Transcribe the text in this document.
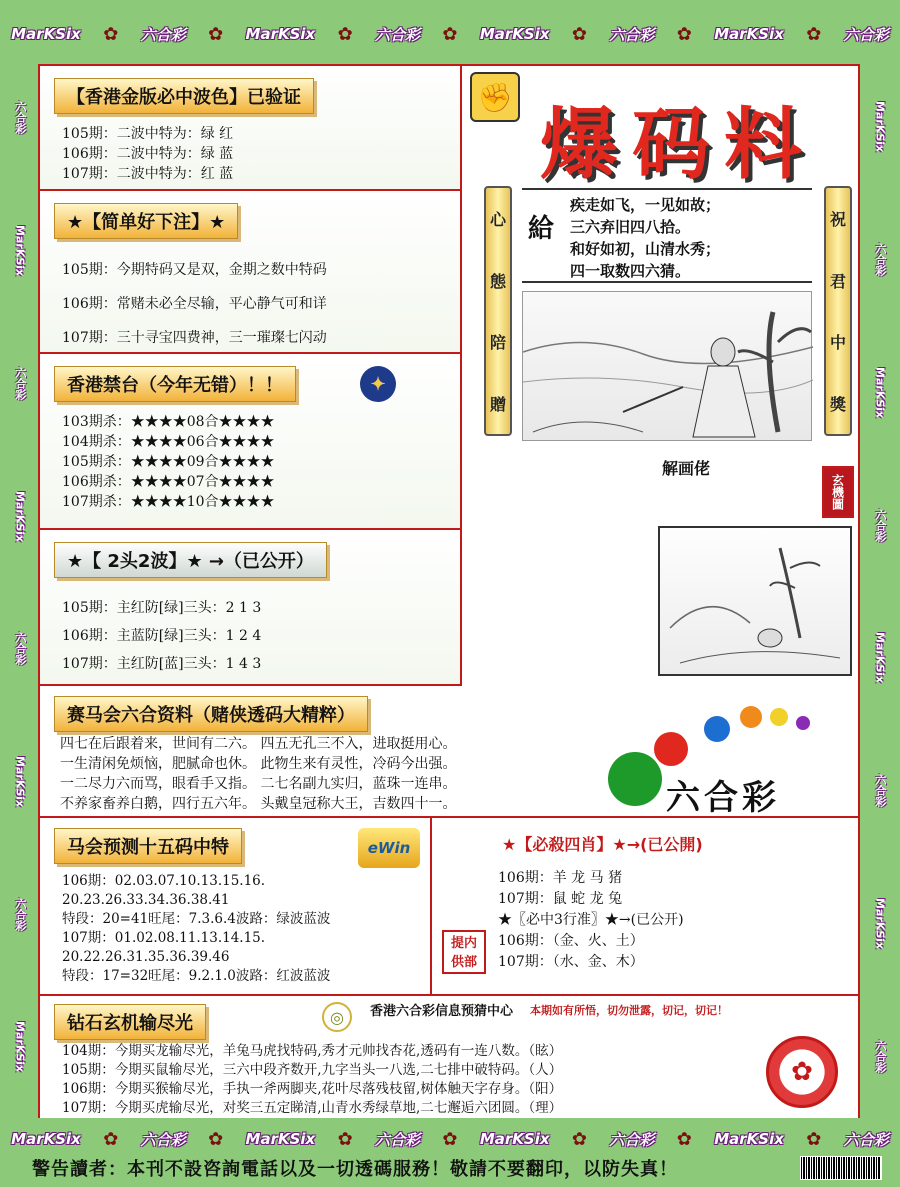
MarKSix ✿ 六合彩 ✿ MarKSix ✿ 六合彩 ✿ MarKSix ✿ 六合彩 ✿ MarKSix ✿ 六合彩
六合彩
MarKSix
六合彩
MarKSix
六合彩
MarKSix
六合彩
MarKSix
MarKSix
六合彩
MarKSix
六合彩
MarKSix
六合彩
MarKSix
六合彩
【香港金版必中波色】已验证
105期：二波中特为：绿 红
106期：二波中特为：绿 蓝
107期：二波中特为：红 蓝
★【简单好下注】★
105期：今期特码又是双，金期之数中特码
106期：常赌未必全尽输，平心静气可和详
107期：三十寻宝四费神，三一璀璨七闪动
香港禁台（今年无错）！！	✦
103期杀：★★★★08合★★★★
104期杀：★★★★06合★★★★
105期杀：★★★★09合★★★★
106期杀：★★★★07合★★★★
107期杀：★★★★10合★★★★
★【 2头2波】★ →（已公开）
105期：主红防[绿]三头：2 1 3
106期：主蓝防[绿]三头：1 2 4
107期：主红防[蓝]三头：1 4 3
✊
爆码料
心
態
陪
贈
給
疾走如飞，一见如故；
三六弃旧四八拾。
和好如初，山清水秀；
四一取数四六猜。
祝
君
中
獎
解画佬
玄機圖
赛马会六合资料（赌侠透码大精粹）
四七在后跟着来，世间有二六。 四五无孔三不入，进取挺用心。
一生清闲免烦恼，肥腻命也休。 此物生来有灵性，冷码今出强。
一二尽力六而骂，眼看手又指。 二七名副九实归，蓝珠一连串。
不养家畜养白鹅，四行五六年。 头戴皇冠称大王，吉数四十一。	六合彩
马会预测十五码中特	eWin
106期：02.03.07.10.13.15.16.
20.23.26.33.34.36.38.41
特段：20=41旺尾：7.3.6.4波路：绿波蓝波
107期：01.02.08.11.13.14.15.
20.22.26.31.35.36.39.46
特段：17=32旺尾：9.2.1.0波路：红波蓝波
★【必殺四肖】★→(已公開)
106期：羊 龙 马 猪
107期：鼠 蛇 龙 兔
★〖必中3行准〗★→(已公开)
106期：（金、火、土）
107期：（水、金、木）
提内
供部
钻石玄机输尽光	◎	香港六合彩信息预猜中心 本期如有所悟，切勿泄露，切记，切记！
104期：今期买龙输尽光，羊兔马虎找特码,秀才元帅找杏花,透码有一连八数。（眩）
105期：今期买鼠输尽光，三六中段齐数开,九字当头一八选,二七排中破特码。（人）
106期：今期买猴输尽光，手执一斧两脚夹,花叶尽落残枝留,树体触天字存身。（阳）
107期：今期买虎输尽光，对奖三五定睇清,山青水秀绿草地,二七邂逅六团圆。（理）
✿
MarKSix ✿ 六合彩 ✿ MarKSix ✿ 六合彩 ✿ MarKSix ✿ 六合彩 ✿ MarKSix ✿ 六合彩
警告讀者：本刊不設咨詢電話以及一切透碼服務！敬請不要翻印，以防失真！
